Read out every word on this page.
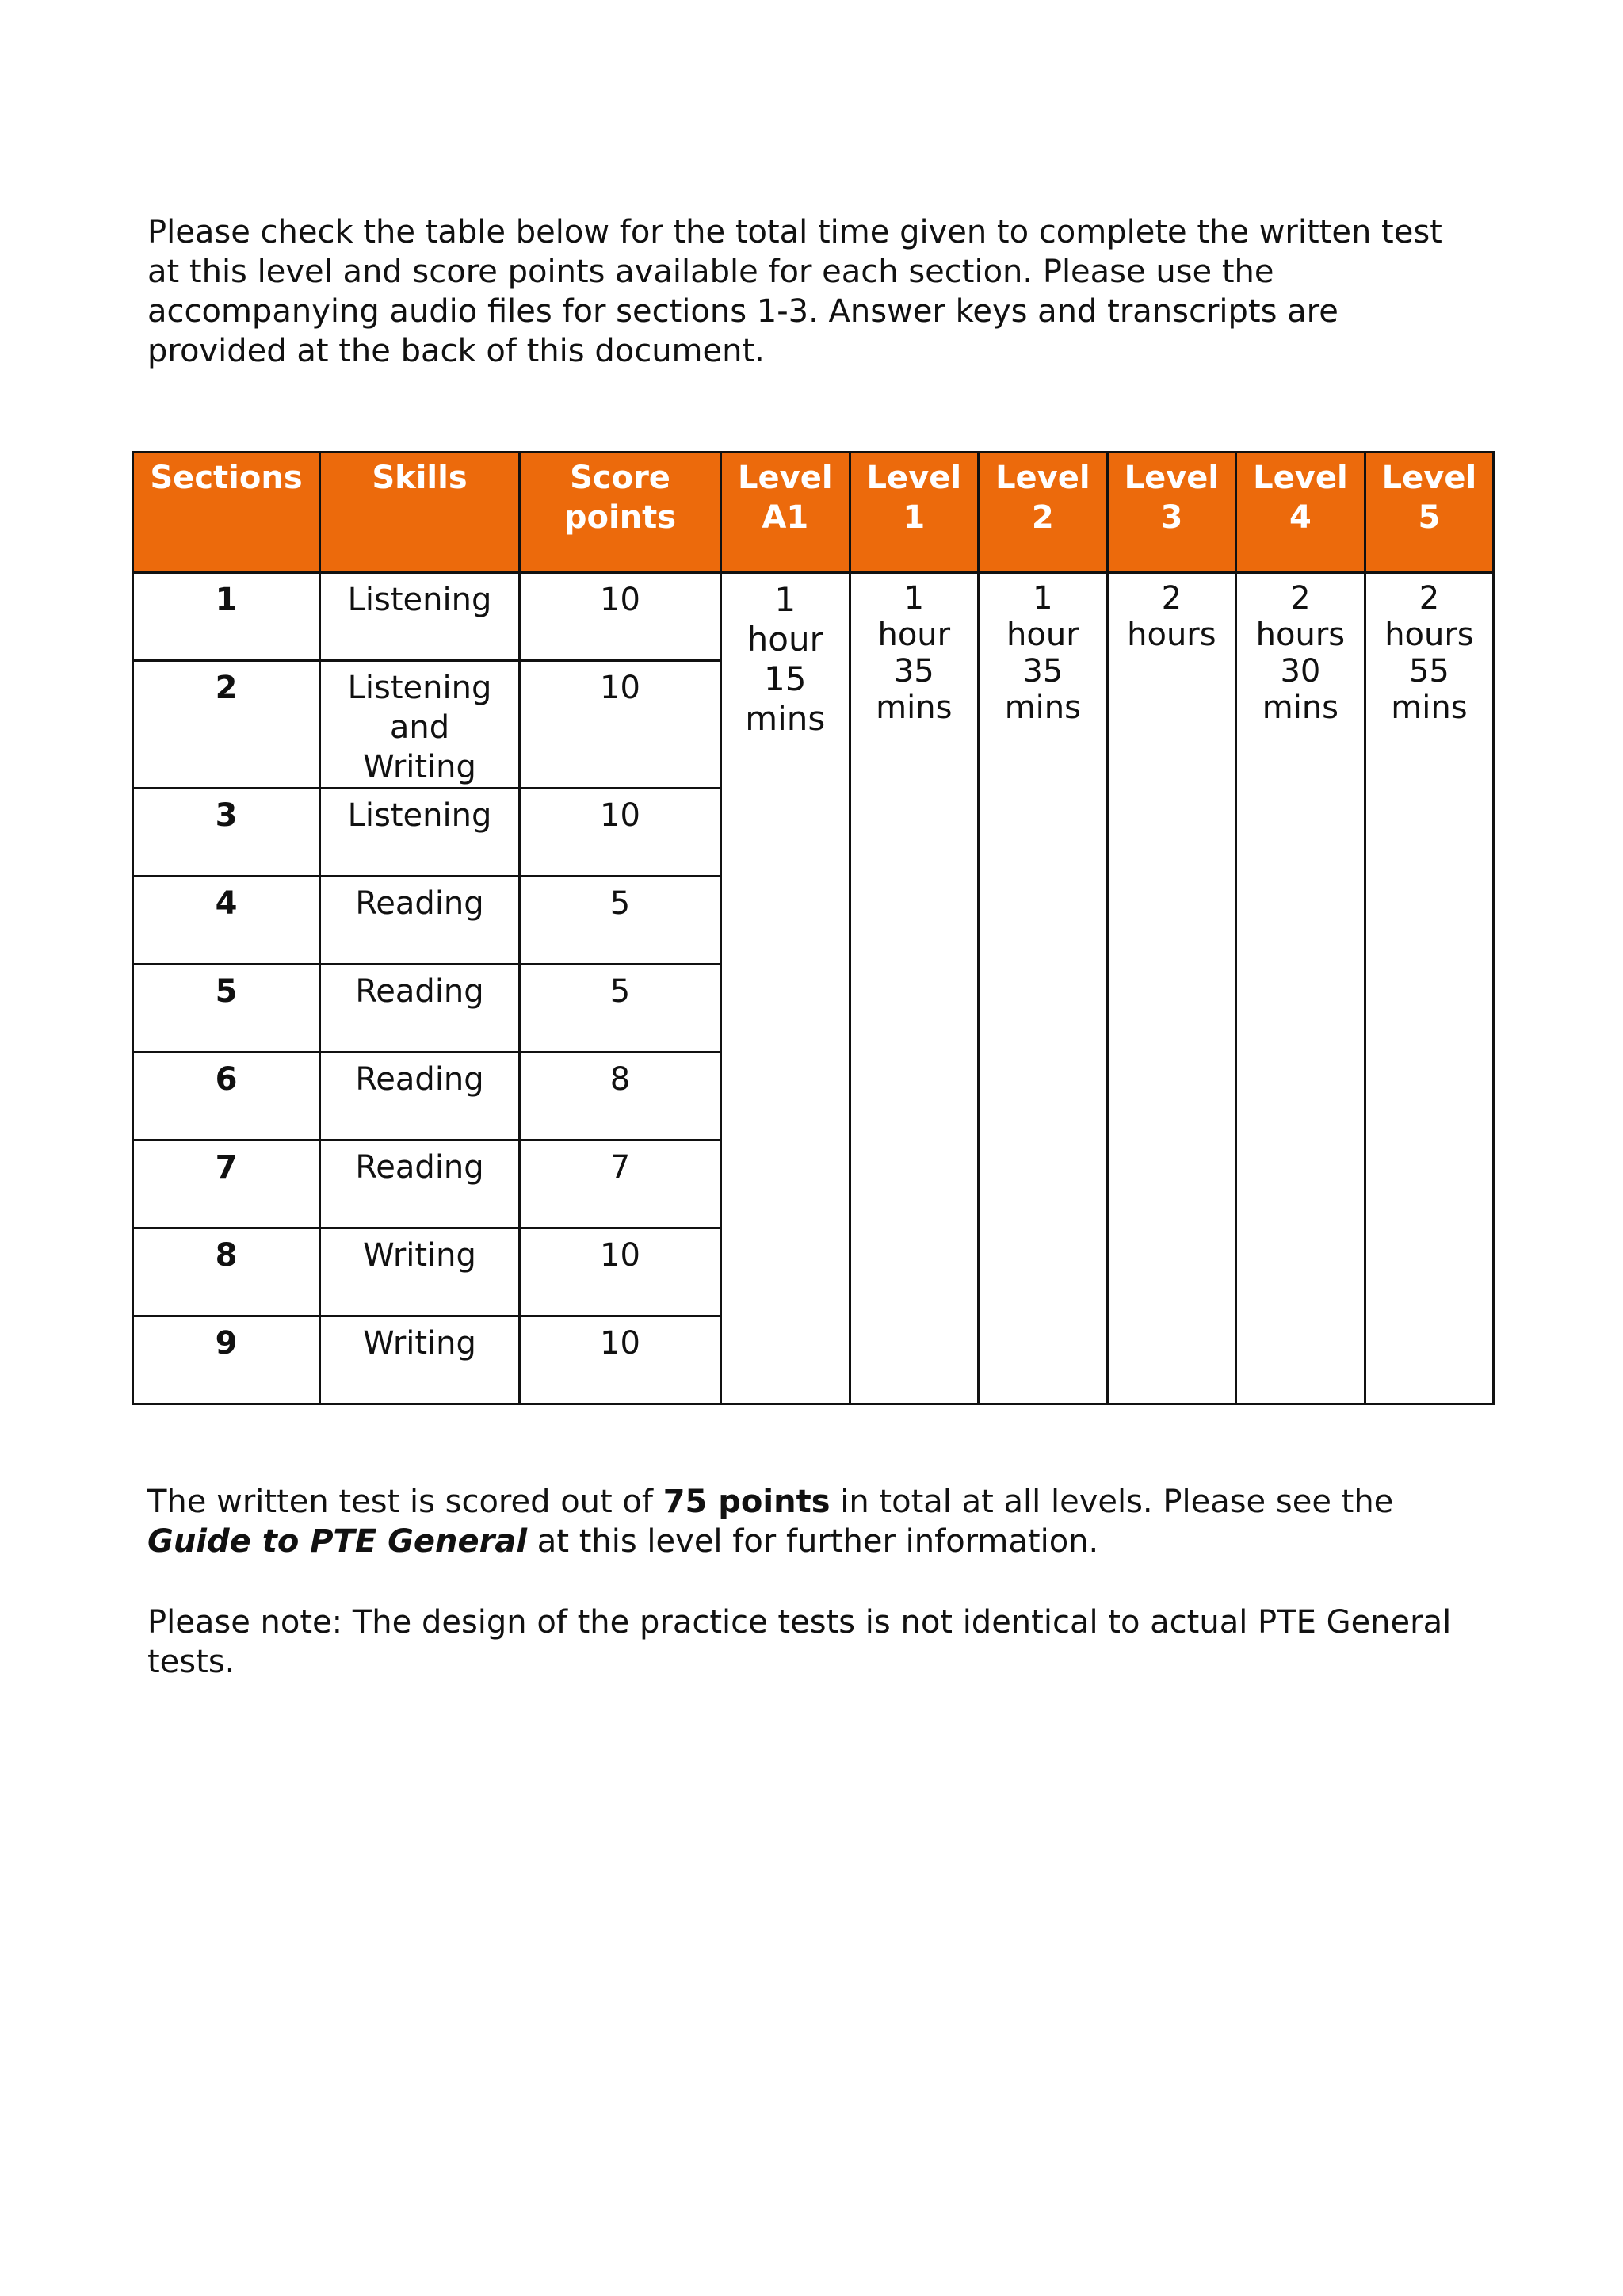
Please check the table below for the total time given to complete the written test at this level and score points available for each section. Please use the accompanying audio files for sections 1-3. Answer keys and transcripts are provided at the back of this document.

Sections	Skills	Score points	Level A1	Level 1	Level 2	Level 3	Level 4	Level 5
1	Listening	10	1 hour 15 mins	1 hour 35 mins	1 hour 35 mins	2 hours	2 hours 30 mins	2 hours 55 mins
2	Listening and Writing	10						
3	Listening	10						
4	Reading	5						
5	Reading	5						
6	Reading	8						
7	Reading	7						
8	Writing	10						
9	Writing	10						

The written test is scored out of 75 points in total at all levels. Please see the Guide to PTE General at this level for further information.

Please note: The design of the practice tests is not identical to actual PTE General tests.
